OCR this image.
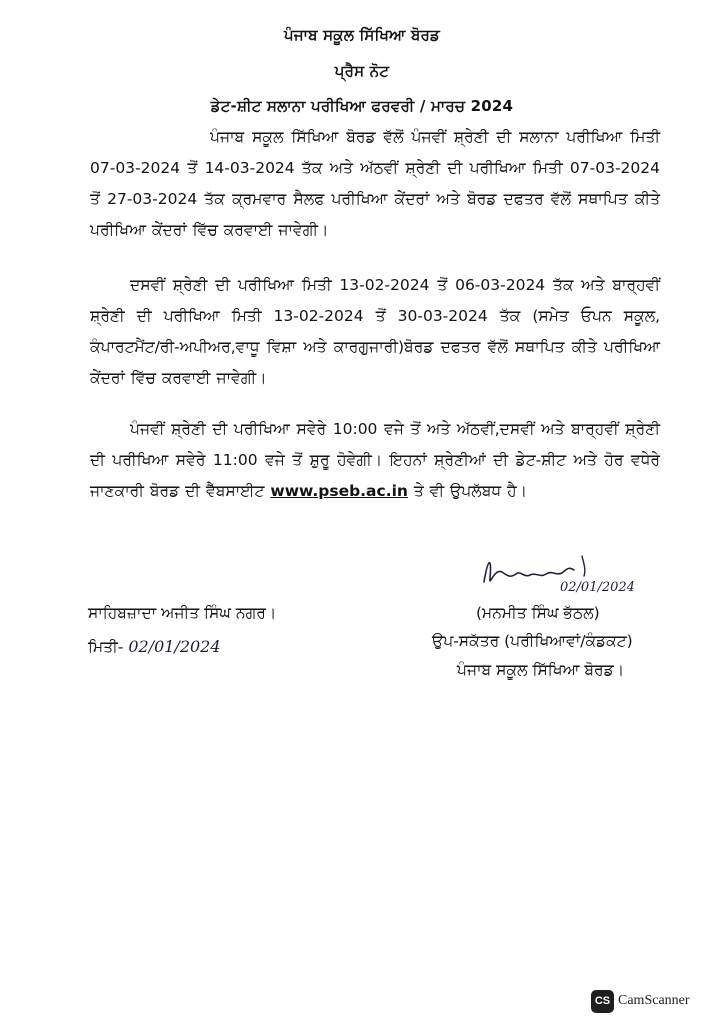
ਪੰਜਾਬ ਸਕੂਲ ਸਿੱਖਿਆ ਬੋਰਡ
ਪ੍ਰੈਸ ਨੋਟ
ਡੇਟ-ਸ਼ੀਟ ਸਲਾਨਾ ਪਰੀਖਿਆ ਫਰਵਰੀ / ਮਾਰਚ 2024

ਪੰਜਾਬ ਸਕੂਲ ਸਿੱਖਿਆ ਬੋਰਡ ਵੱਲੋਂ ਪੰਜਵੀਂ ਸ਼੍ਰੇਣੀ ਦੀ ਸਲਾਨਾ ਪਰੀਖਿਆ ਮਿਤੀ 07-03-2024 ਤੋਂ 14-03-2024 ਤੱਕ ਅਤੇ ਅੱਠਵੀਂ ਸ਼੍ਰੇਣੀ ਦੀ ਪਰੀਖਿਆ ਮਿਤੀ 07-03-2024 ਤੋਂ 27-03-2024 ਤੱਕ ਕ੍ਰਮਵਾਰ ਸੈਲਫ ਪਰੀਖਿਆ ਕੇਂਦਰਾਂ ਅਤੇ ਬੋਰਡ ਦਫਤਰ ਵੱਲੋਂ ਸਥਾਪਿਤ ਕੀਤੇ ਪਰੀਖਿਆ ਕੇਂਦਰਾਂ ਵਿੱਚ ਕਰਵਾਈ ਜਾਵੇਗੀ।

ਦਸਵੀਂ ਸ਼੍ਰੇਣੀ ਦੀ ਪਰੀਖਿਆ ਮਿਤੀ 13-02-2024 ਤੋਂ 06-03-2024 ਤੱਕ ਅਤੇ ਬਾਰ੍ਹਵੀਂ ਸ਼੍ਰੇਣੀ ਦੀ ਪਰੀਖਿਆ ਮਿਤੀ 13-02-2024 ਤੋਂ 30-03-2024 ਤੱਕ (ਸਮੇਤ ਓਪਨ ਸਕੂਲ, ਕੰਪਾਰਟਮੈਂਟ/ਰੀ-ਅਪੀਅਰ,ਵਾਧੂ ਵਿਸ਼ਾ ਅਤੇ ਕਾਰਗੁਜਾਰੀ)ਬੋਰਡ ਦਫਤਰ ਵੱਲੋਂ ਸਥਾਪਿਤ ਕੀਤੇ ਪਰੀਖਿਆ ਕੇਂਦਰਾਂ ਵਿੱਚ ਕਰਵਾਈ ਜਾਵੇਗੀ।

ਪੰਜਵੀਂ ਸ਼੍ਰੇਣੀ ਦੀ ਪਰੀਖਿਆ ਸਵੇਰੇ 10:00 ਵਜੇ ਤੋਂ ਅਤੇ ਅੱਠਵੀਂ,ਦਸਵੀਂ ਅਤੇ ਬਾਰ੍ਹਵੀਂ ਸ਼੍ਰੇਣੀ ਦੀ ਪਰੀਖਿਆ ਸਵੇਰੇ 11:00 ਵਜੇ ਤੋਂ ਸ਼ੁਰੂ ਹੋਵੇਗੀ। ਇਹਨਾਂ ਸ਼੍ਰੇਣੀਆਂ ਦੀ ਡੇਟ-ਸ਼ੀਟ ਅਤੇ ਹੋਰ ਵਧੇਰੇ ਜਾਣਕਾਰੀ ਬੋਰਡ ਦੀ ਵੈੱਬਸਾਈਟ www.pseb.ac.in ਤੇ ਵੀ ਉਪਲੱਬਧ ਹੈ।

02/01/2024
ਸਾਹਿਬਜ਼ਾਦਾ ਅਜੀਤ ਸਿੰਘ ਨਗਰ।
ਮਿਤੀ- 02/01/2024
(ਮਨਮੀਤ ਸਿੰਘ ਭੱਠਲ)
ਉਪ-ਸਕੱਤਰ (ਪਰੀਖਿਆਵਾਂ/ਕੰਡਕਟ)
ਪੰਜਾਬ ਸਕੂਲ ਸਿੱਖਿਆ ਬੋਰਡ।
CS CamScanner
